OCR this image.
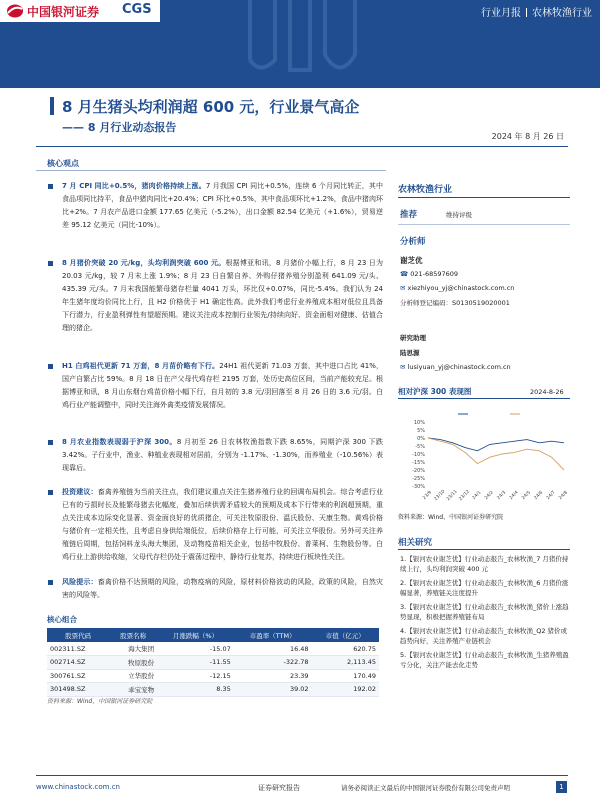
中国银河证券 CGS	行业月报 农林牧渔行业
8 月生猪头均利润超 600 元，行业景气高企
—— 8 月行业动态报告
2024 年 8 月 26 日
核心观点
7 月 CPI 同比+0.5%，猪肉价格持续上涨。7 月我国 CPI 同比+0.5%，连续 6 个月同比转正，其中食品项同比持平，食品中猪肉同比+20.4%；CPI 环比+0.5%，其中食品项环比+1.2%，食品中猪肉环比+2%。7 月农产品进口金额 177.65 亿美元（-5.2%），出口金额 82.54 亿美元（+1.6%），贸易逆差 95.12 亿美元（同比-10%）。
8 月猪价突破 20 元/kg，头均利润突破 600 元。根据博亚和讯，8 月猪价小幅上行，8 月 23 日为 20.03 元/kg，较 7 月末上涨 1.9%；8 月 23 日自繁自养、外购仔猪养殖分别盈利 641.09 元/头、435.39 元/头。7 月末我国能繁母猪存栏量 4041 万头，环比仅+0.07%，同比-5.4%。我们认为 24 年生猪年度均价同比上行，且 H2 价格优于 H1 确定性高。此外我们考虑行业养殖成本相对低位且具备下行潜力，行业盈利弹性有望超预期。建议关注成本控制行业领先/持续向好、资金面相对健康、估值合理的猪企。
H1 白鸡祖代更新 71 万套，8 月苗价略有下行。24H1 祖代更新 71.03 万套，其中进口占比 41%，国产自繁占比 59%。8 月 18 日在产父母代鸡存栏 2195 万套，处历史高位区间，当前产能较充足。根据博亚和讯，8 月山东烟台鸡苗价格小幅下行，自月初的 3.8 元/羽回落至 8 月 26 日的 3.6 元/羽。白鸡行业产能调整中，同时关注海外禽类疫情发展情况。
8 月农业指数表现弱于沪深 300。8 月初至 26 日农林牧渔指数下跌 8.65%，同期沪深 300 下跌 3.42%。子行业中，渔业、种植业表现相对居前，分别为 -1.17%、-1.30%，而养殖业（-10.56%）表现靠后。
投资建议：畜禽养殖链为当前关注点，我们建议重点关注生猪养殖行业的回调布局机会。综合考虑行业已有的亏损时长及能繁母猪去化幅度，叠加后续供需矛盾较大的预期及成本下行带来的利润超预期，重点关注成本边际变化显著、资金面良好的优质猪企，可关注牧原股份、温氏股份、天康生物。黄鸡价格与猪价有一定相关性，且考虑自身供给端低位，后续价格存上行可能，可关注立华股份。另外可关注养殖链后周期，包括饲料龙头海大集团，及动物疫苗相关企业，包括中牧股份、普莱柯、生物股份等。白鸡行业上游供给收缩，父母代存栏仍处于震荡过程中，静待行业复苏，持续进行板块性关注。
风险提示：畜禽价格不达预期的风险，动物疫病的风险，原材料价格波动的风险，政策的风险，自然灾害的风险等。
农林牧渔行业
推荐	维持评级
分析师
谢芝优
☎ 021-68597609
✉ xiezhiyou_yj@chinastock.com.cn
分析师登记编码：S0130519020001
研究助理
陆思源
✉ lusiyuan_yj@chinastock.com.cn
相对沪深 300 表现图	2024-8-26
10%
5%
0%
-5%
-10%
-15%
-20%
-25%
-30%
23/9 23/10 23/11 23/12 24/1 24/2 24/3 24/4 24/5 24/6 24/7 24/8
资料来源：Wind，中国银河证券研究院
相关研究
1.【银河农业谢芝优】行业动态报告_农林牧渔_7 月猪价持续上行，头均利润突破 400 元
2.【银河农业谢芝优】行业动态报告_农林牧渔_6 月猪价涨幅显著，养殖链关注度提升
3.【银河农业谢芝优】行业动态报告_农林牧渔_猪价上涨趋势显现，积极把握养殖链布局
4.【银河农业谢芝优】行业动态报告_农林牧渔_Q2 猪价或趋势向好，关注养殖产业链机会
5.【银河农业谢芝优】行业动态报告_农林牧渔_生猪养殖盈亏分化，关注产能去化走势
核心组合
股票代码	股票名称	月涨跌幅（%）	市盈率（TTM）	市值（亿元）
002311.SZ	海大集团	-15.07	16.48	620.75
002714.SZ	牧原股份	-11.55	-322.78	2,113.45
300761.SZ	立华股份	-12.15	23.39	170.49
301498.SZ	乖宝宠物	8.35	39.02	192.02
资料来源：Wind，中国银河证券研究院
www.chinastock.com.cn	证券研究报告	请务必阅读正文最后的中国银河证券股份有限公司免责声明	1
